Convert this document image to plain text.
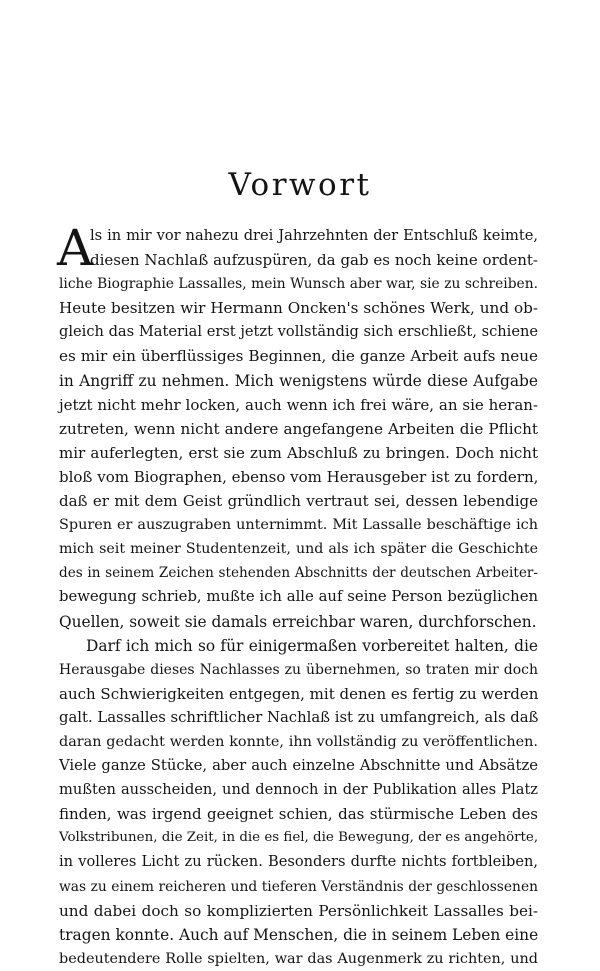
Vorwort
A
ls in mir vor nahezu drei Jahrzehnten der Entschluß keimte,
diesen Nachlaß aufzuspüren, da gab es noch keine ordent-
liche Biographie Lassalles, mein Wunsch aber war, sie zu schreiben.
Heute besitzen wir Hermann Oncken's schönes Werk, und ob-
gleich das Material erst jetzt vollständig sich erschließt, schiene
es mir ein überflüssiges Beginnen, die ganze Arbeit aufs neue
in Angriff zu nehmen. Mich wenigstens würde diese Aufgabe
jetzt nicht mehr locken, auch wenn ich frei wäre, an sie heran-
zutreten, wenn nicht andere angefangene Arbeiten die Pflicht
mir auferlegten, erst sie zum Abschluß zu bringen. Doch nicht
bloß vom Biographen, ebenso vom Herausgeber ist zu fordern,
daß er mit dem Geist gründlich vertraut sei, dessen lebendige
Spuren er auszugraben unternimmt. Mit Lassalle beschäftige ich
mich seit meiner Studentenzeit, und als ich später die Geschichte
des in seinem Zeichen stehenden Abschnitts der deutschen Arbeiter-
bewegung schrieb, mußte ich alle auf seine Person bezüglichen
Quellen, soweit sie damals erreichbar waren, durchforschen.
Darf ich mich so für einigermaßen vorbereitet halten, die
Herausgabe dieses Nachlasses zu übernehmen, so traten mir doch
auch Schwierigkeiten entgegen, mit denen es fertig zu werden
galt. Lassalles schriftlicher Nachlaß ist zu umfangreich, als daß
daran gedacht werden konnte, ihn vollständig zu veröffentlichen.
Viele ganze Stücke, aber auch einzelne Abschnitte und Absätze
mußten ausscheiden, und dennoch in der Publikation alles Platz
finden, was irgend geeignet schien, das stürmische Leben des
Volkstribunen, die Zeit, in die es fiel, die Bewegung, der es angehörte,
in volleres Licht zu rücken. Besonders durfte nichts fortbleiben,
was zu einem reicheren und tieferen Verständnis der geschlossenen
und dabei doch so komplizierten Persönlichkeit Lassalles bei-
tragen konnte. Auch auf Menschen, die in seinem Leben eine
bedeutendere Rolle spielten, war das Augenmerk zu richten, und
